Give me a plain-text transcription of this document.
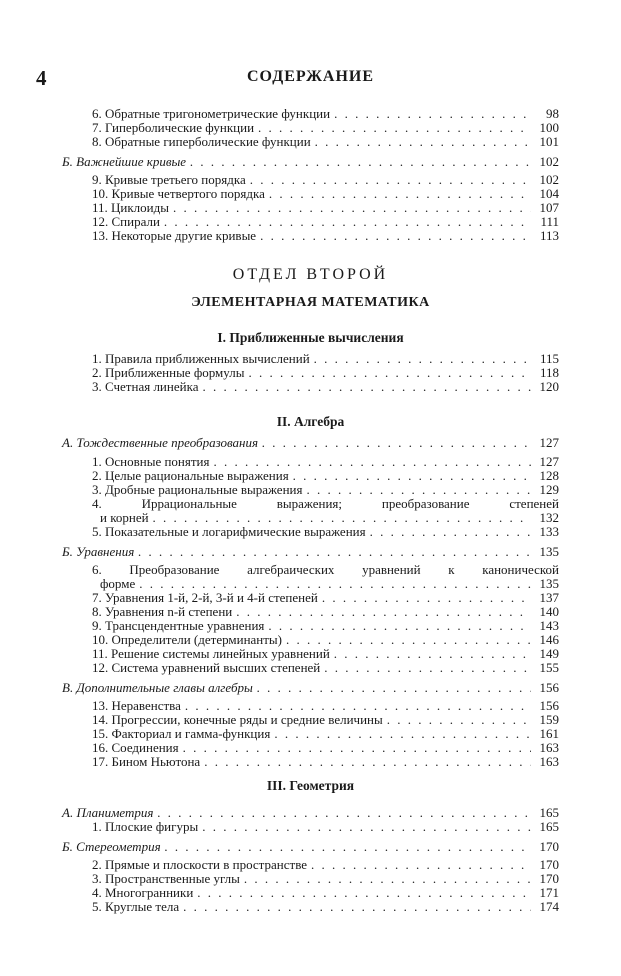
4	СОДЕРЖАНИЕ
6. Обратные тригонометрические функции . . .	98
7. Гиперболические функции . . .	100
8. Обратные гиперболические функции . . .	101
Б. Важнейшие кривые . . .	102
9. Кривые третьего порядка . . .	102
10. Кривые четвертого порядка . . .	104
11. Циклоиды . . .	107
12. Спирали . . .	111
13. Некоторые другие кривые . . .	113
ОТДЕЛ ВТОРОЙ
ЭЛЕМЕНТАРНАЯ МАТЕМАТИКА
I. Приближенные вычисления
1. Правила приближенных вычислений . . .	115
2. Приближенные формулы . . .	118
3. Счетная линейка . . .	120
II. Алгебра
А. Тождественные преобразования . . .	127
1. Основные понятия . . .	127
2. Целые рациональные выражения . . .	128
3. Дробные рациональные выражения . . .	129
4. Иррациональные выражения; преобразование степеней
и корней . . .	132
5. Показательные и логарифмические выражения . . .	133
Б. Уравнения . . .	135
6. Преобразование алгебраических уравнений к канонической
форме . . .	135
7. Уравнения 1-й, 2-й, 3-й и 4-й степеней . . .	137
8. Уравнения n-й степени . . .	140
9. Трансцендентные уравнения . . .	143
10. Определители (детерминанты) . . .	146
11. Решение системы линейных уравнений . . .	149
12. Система уравнений высших степеней . . .	155
В. Дополнительные главы алгебры . . .	156
13. Неравенства . . .	156
14. Прогрессии, конечные ряды и средние величины . . .	159
15. Факториал и гамма-функция . . .	161
16. Соединения . . .	163
17. Бином Ньютона . . .	163
III. Геометрия
А. Планиметрия . . .	165
1. Плоские фигуры . . .	165
Б. Стереометрия . . .	170
2. Прямые и плоскости в пространстве . . .	170
3. Пространственные углы . . .	170
4. Многогранники . . .	171
5. Круглые тела . . .	174
